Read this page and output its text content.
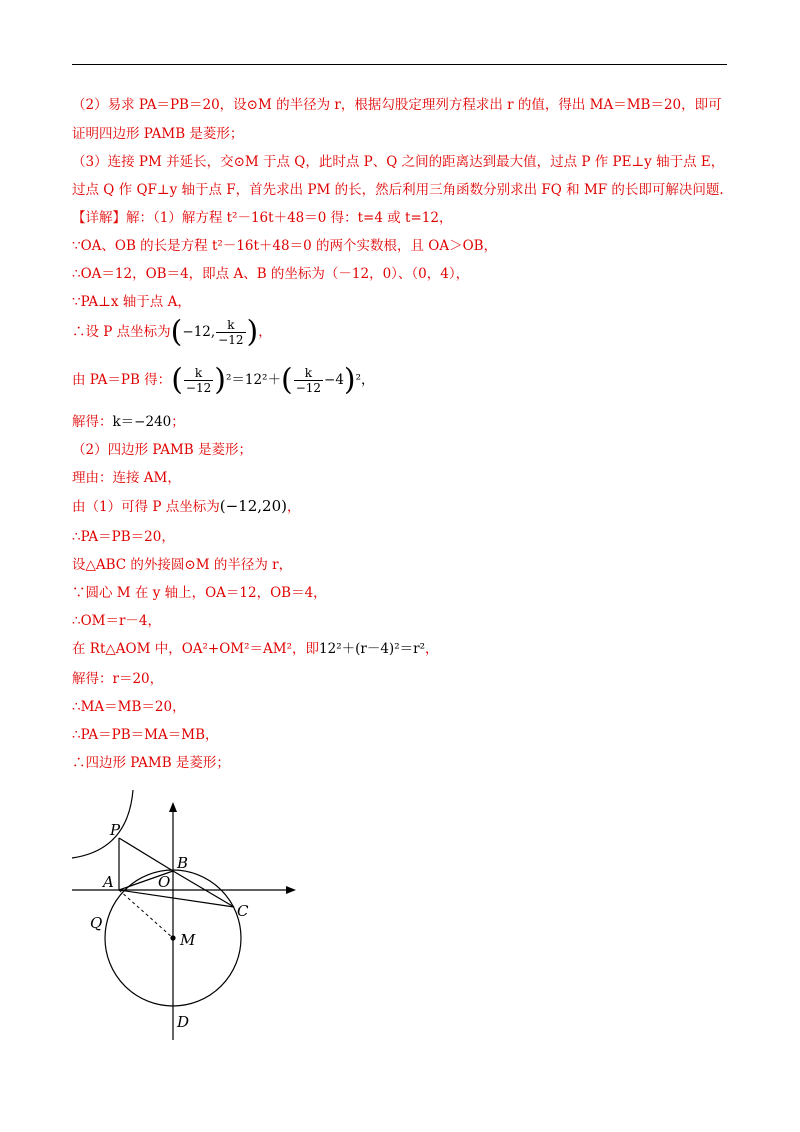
（2）易求 PA＝PB＝20，设⊙M 的半径为 r，根据勾股定理列方程求出 r 的值，得出 MA＝MB＝20，即可
证明四边形 PAMB 是菱形；
（3）连接 PM 并延长，交⊙M 于点 Q，此时点 P、Q 之间的距离达到最大值，过点 P 作 PE⊥y 轴于点 E，
过点 Q 作 QF⊥y 轴于点 F，首先求出 PM 的长，然后利用三角函数分别求出 FQ 和 MF 的长即可解决问题.
【详解】解：（1）解方程 t²－16t＋48＝0 得：t=4 或 t=12，
∵OA、OB 的长是方程 t²－16t＋48＝0 的两个实数根，且 OA＞OB，
∴OA＝12，OB＝4，即点 A、B 的坐标为（－12，0）、（0，4），
∵PA⊥x 轴于点 A，
∴设 P 点坐标为(−12, $\frac{k}{-12}$ )，
由 PA＝PB 得：( $\frac{k}{-12} )^2=12^2+( \frac{k}{-12} -4)^2$，
解得：k＝−240；
（2）四边形 PAMB 是菱形；
理由：连接 AM，
由（1）可得 P 点坐标为(−12,20)，
∴PA＝PB＝20，
设△ABC 的外接圆⊙M 的半径为 r，
∵圆心 M 在 y 轴上，OA＝12，OB＝4，
∴OM＝r－4，
在 Rt△AOM 中，OA²+OM²＝AM²，即12²＋(r－4)²＝r²，
解得：r＝20，
∴MA＝MB＝20，
∴PA＝PB＝MA＝MB，
∴四边形 PAMB 是菱形；
P
A
B
O
C
Q
M
D
